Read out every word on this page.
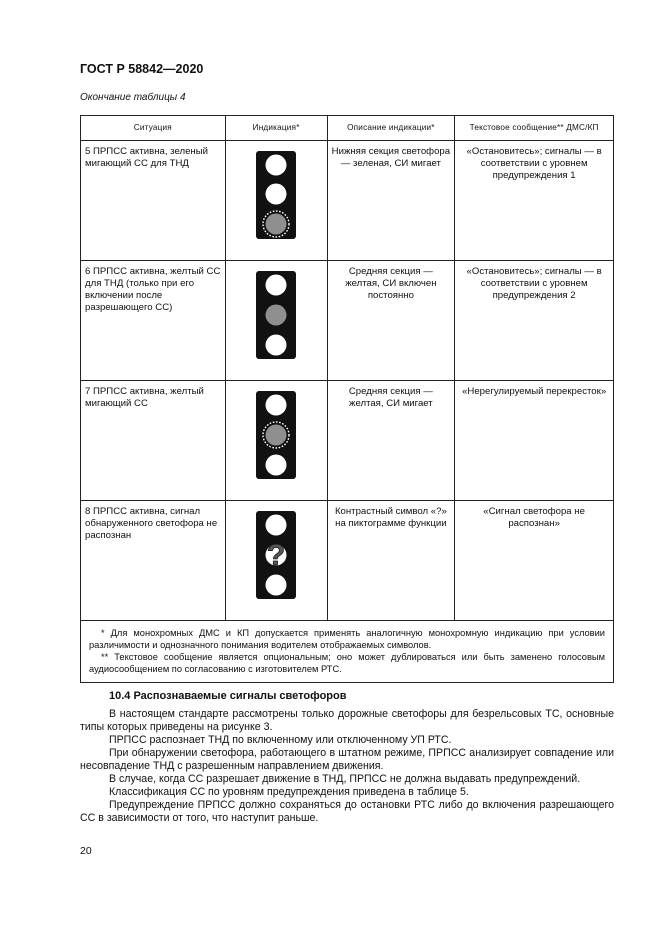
ГОСТ Р 58842—2020
Окончание таблицы 4
Ситуация	Индикация*	Описание индикации*	Текстовое сообщение** ДМС/КП
5 ПРПСС активна, зеленый мигающий СС для ТНД		Нижняя секция светофора — зеленая, СИ мигает	«Остановитесь»; сигналы — в соответствии с уровнем предупреждения 1
6 ПРПСС активна, желтый СС для ТНД (только при его включении после разрешающего СС)		Средняя секция — желтая, СИ включен постоянно	«Остановитесь»; сигналы — в соответствии с уровнем предупреждения 2
7 ПРПСС активна, желтый мигающий СС		Средняя секция — желтая, СИ мигает	«Нерегулируемый перекресток»
8 ПРПСС активна, сигнал обнаруженного светофора не распознан	?	Контрастный символ «?» на пиктограмме функции	«Сигнал светофора не распознан»

* Для монохромных ДМС и КП допускается применять аналогичную монохромную индикацию при условии различимости и однозначного понимания водителем отображаемых символов.

** Текстовое сообщение является опциональным; оно может дублироваться или быть заменено голосовым аудиосообщением по согласованию с изготовителем РТС.			

10.4 Распознаваемые сигналы светофоров

В настоящем стандарте рассмотрены только дорожные светофоры для безрельсовых ТС, основные типы которых приведены на рисунке 3.

ПРПСС распознает ТНД по включенному или отключенному УП РТС.

При обнаружении светофора, работающего в штатном режиме, ПРПСС анализирует совпадение или несовпадение ТНД с разрешенным направлением движения.

В случае, когда СС разрешает движение в ТНД, ПРПСС не должна выдавать предупреждений.

Классификация СС по уровням предупреждения приведена в таблице 5.

Предупреждение ПРПСС должно сохраняться до остановки РТС либо до включения разрешающего СС в зависимости от того, что наступит раньше.

20
